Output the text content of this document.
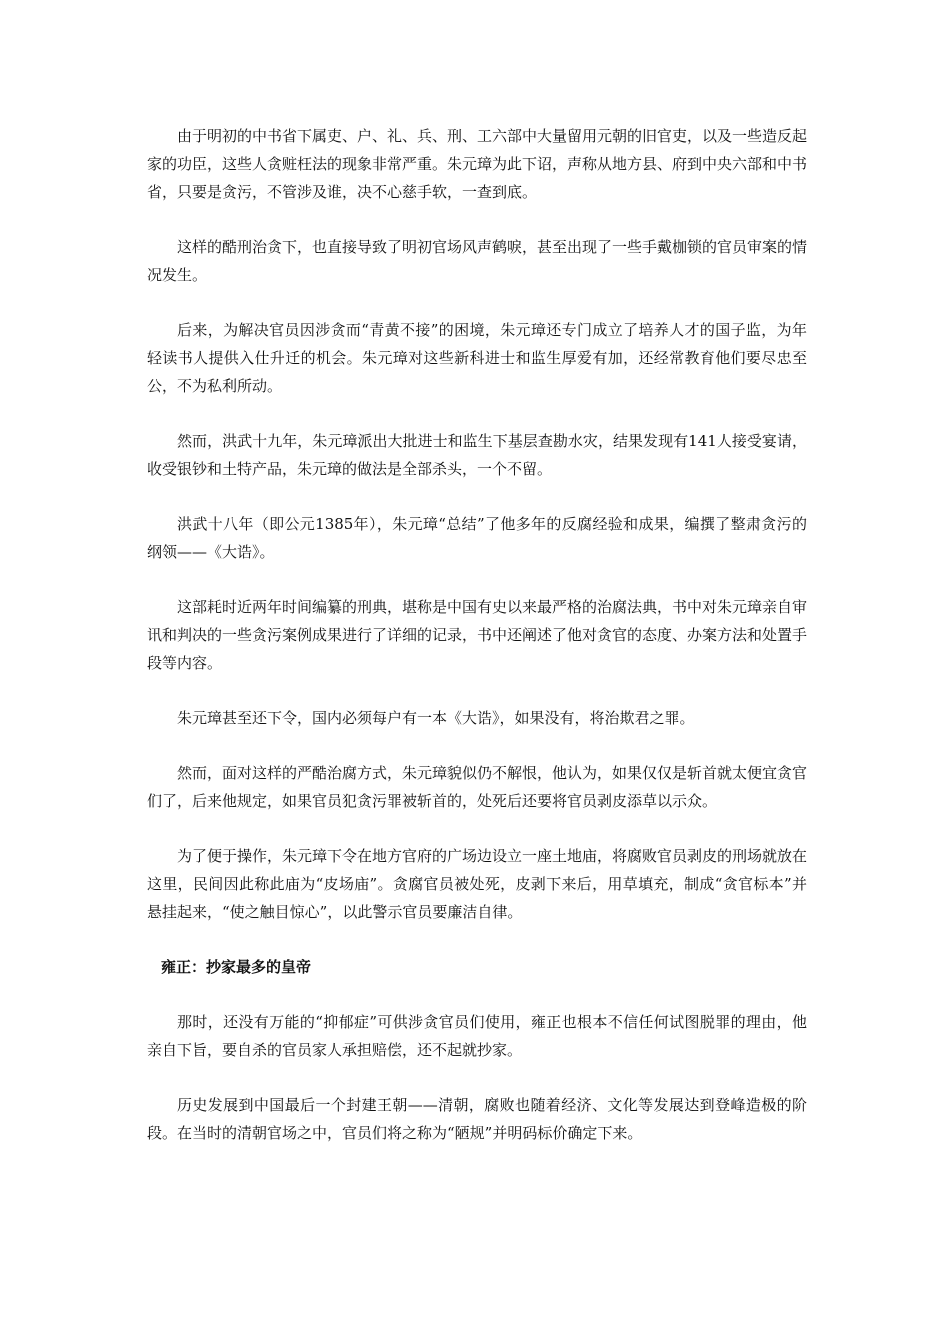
由于明初的中书省下属吏、户、礼、兵、刑、工六部中大量留用元朝的旧官吏，以及一些造反起家的功臣，这些人贪赃枉法的现象非常严重。朱元璋为此下诏，声称从地方县、府到中央六部和中书省，只要是贪污，不管涉及谁，决不心慈手软，一查到底。

这样的酷刑治贪下，也直接导致了明初官场风声鹤唳，甚至出现了一些手戴枷锁的官员审案的情况发生。

后来，为解决官员因涉贪而“青黄不接”的困境，朱元璋还专门成立了培养人才的国子监，为年轻读书人提供入仕升迁的机会。朱元璋对这些新科进士和监生厚爱有加，还经常教育他们要尽忠至公，不为私利所动。

然而，洪武十九年，朱元璋派出大批进士和监生下基层查勘水灾，结果发现有141人接受宴请，收受银钞和土特产品，朱元璋的做法是全部杀头，一个不留。

洪武十八年（即公元1385年），朱元璋“总结”了他多年的反腐经验和成果，编撰了整肃贪污的纲领——《大诰》。

这部耗时近两年时间编纂的刑典，堪称是中国有史以来最严格的治腐法典，书中对朱元璋亲自审讯和判决的一些贪污案例成果进行了详细的记录，书中还阐述了他对贪官的态度、办案方法和处置手段等内容。

朱元璋甚至还下令，国内必须每户有一本《大诰》，如果没有，将治欺君之罪。

然而，面对这样的严酷治腐方式，朱元璋貌似仍不解恨，他认为，如果仅仅是斩首就太便宜贪官们了，后来他规定，如果官员犯贪污罪被斩首的，处死后还要将官员剥皮添草以示众。

为了便于操作，朱元璋下令在地方官府的广场边设立一座土地庙，将腐败官员剥皮的刑场就放在这里，民间因此称此庙为“皮场庙”。贪腐官员被处死，皮剥下来后，用草填充，制成“贪官标本”并悬挂起来，“使之触目惊心”，以此警示官员要廉洁自律。

雍正：抄家最多的皇帝

那时，还没有万能的“抑郁症”可供涉贪官员们使用，雍正也根本不信任何试图脱罪的理由，他亲自下旨，要自杀的官员家人承担赔偿，还不起就抄家。

历史发展到中国最后一个封建王朝——清朝，腐败也随着经济、文化等发展达到登峰造极的阶段。在当时的清朝官场之中，官员们将之称为“陋规”并明码标价确定下来。
